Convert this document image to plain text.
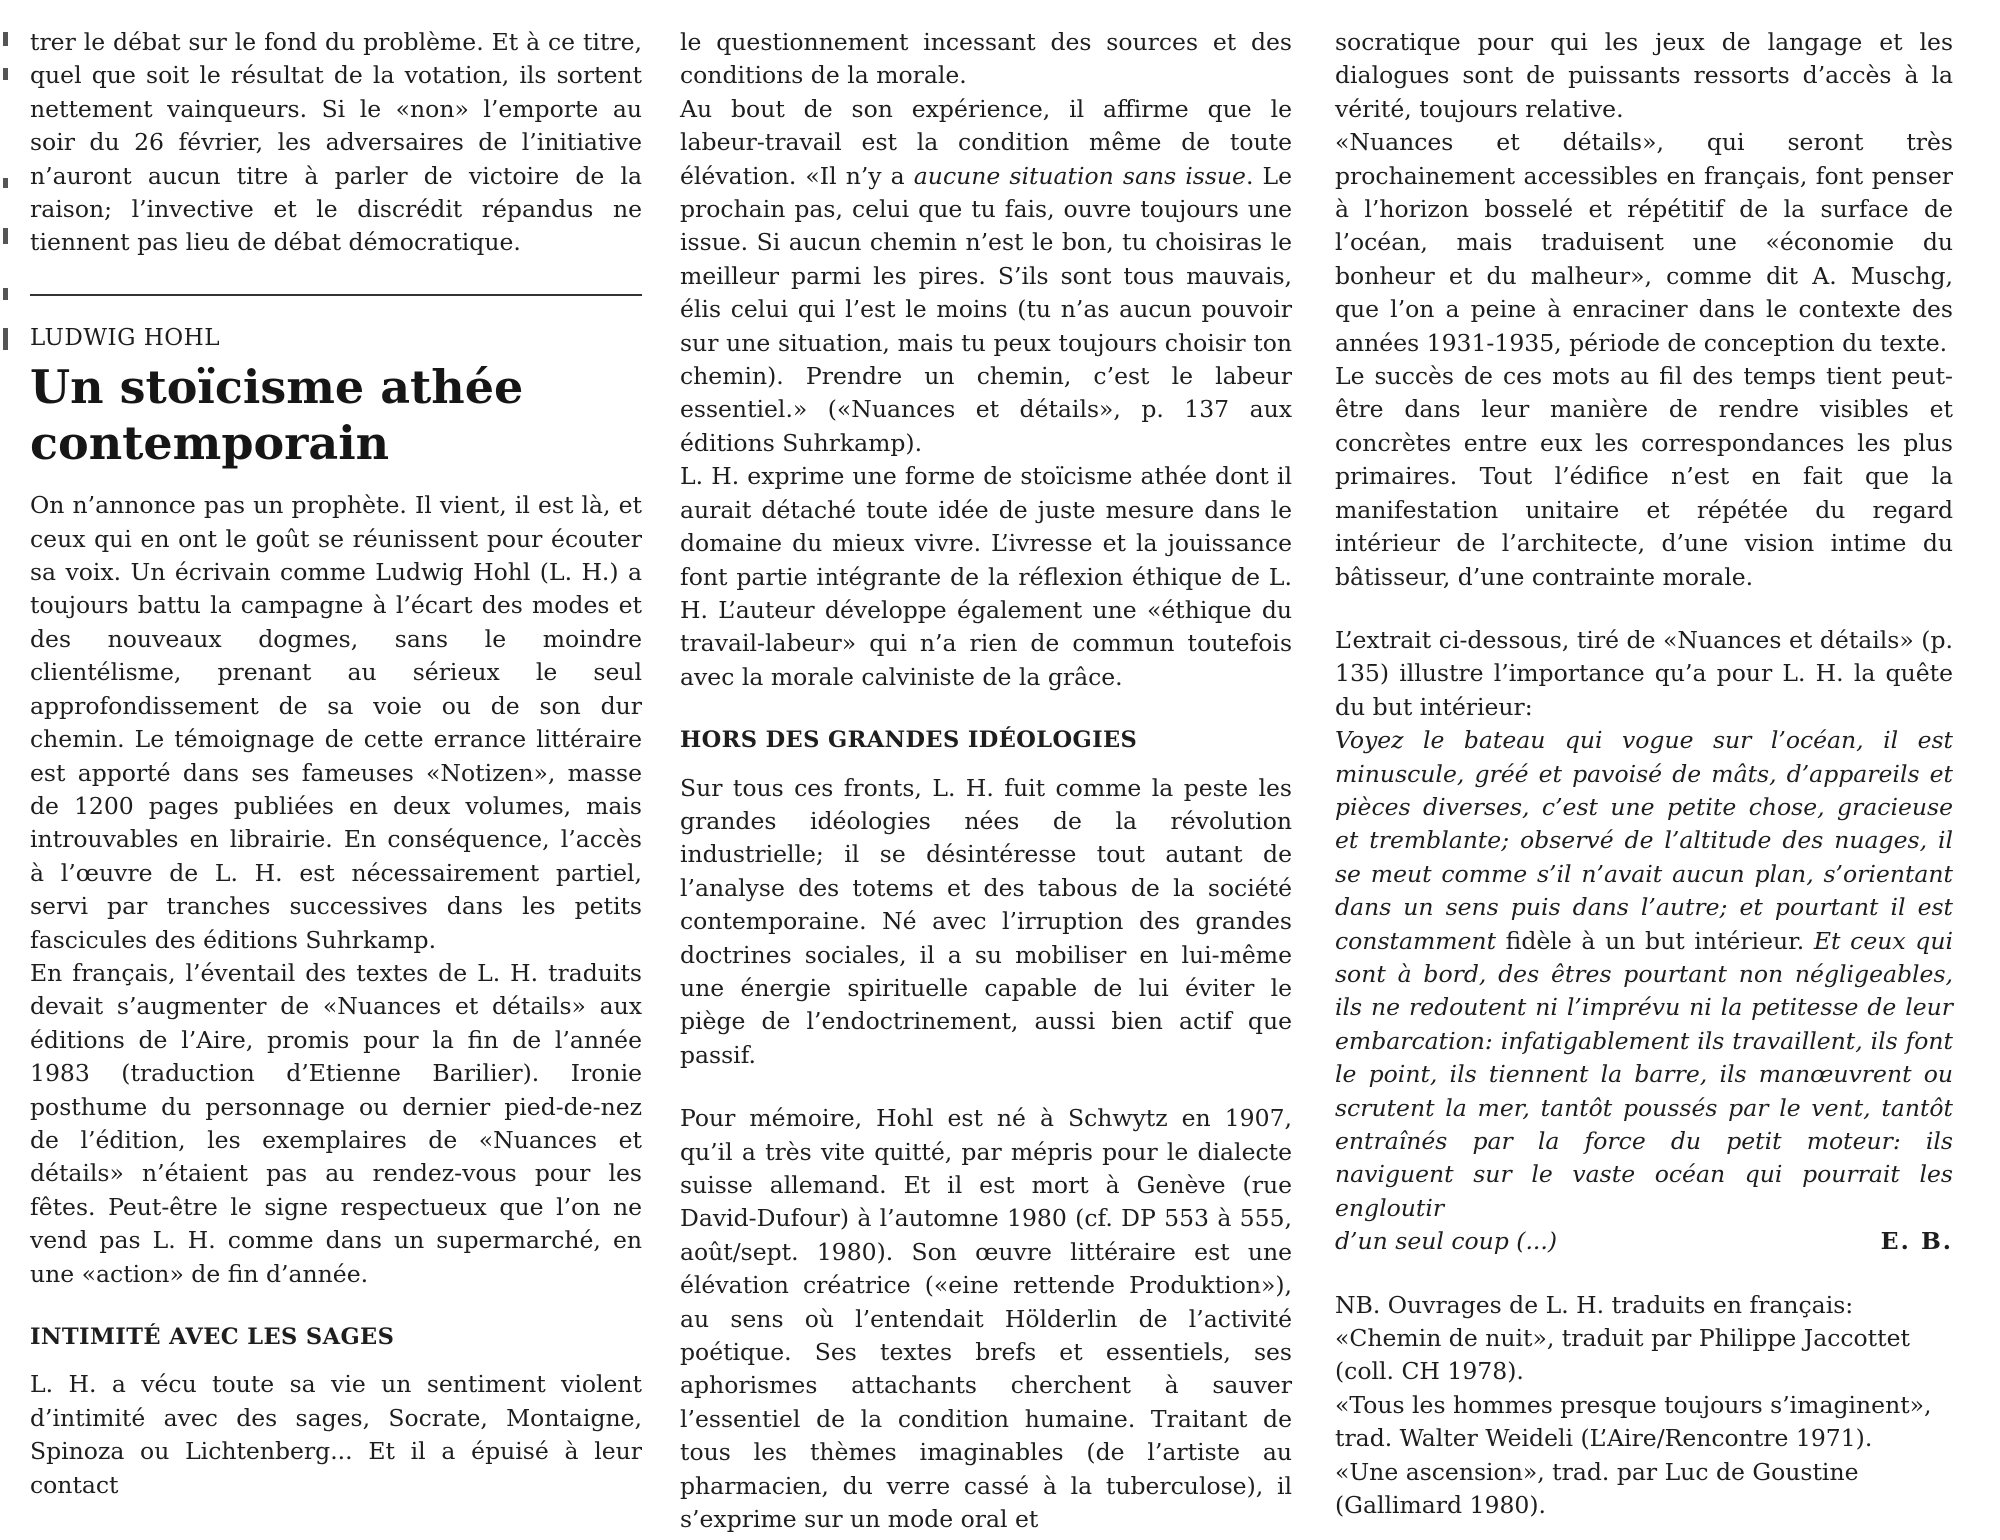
trer le débat sur le fond du problème. Et à ce titre, quel que soit le résultat de la votation, ils sortent nettement vainqueurs. Si le «non» l’emporte au soir du 26 février, les adversaires de l’initiative n’auront aucun titre à parler de victoire de la raison; l’invective et le discrédit répandus ne tiennent pas lieu de débat démocratique.

LUDWIG HOHL
Un stoïcisme athée contemporain

On n’annonce pas un prophète. Il vient, il est là, et ceux qui en ont le goût se réunissent pour écouter sa voix. Un écrivain comme Ludwig Hohl (L. H.) a toujours battu la campagne à l’écart des modes et des nouveaux dogmes, sans le moindre clientélisme, prenant au sérieux le seul approfondissement de sa voie ou de son dur chemin. Le témoignage de cette errance littéraire est apporté dans ses fameuses «Notizen», masse de 1200 pages publiées en deux volumes, mais introuvables en librairie. En conséquence, l’accès à l’œuvre de L. H. est nécessairement partiel, servi par tranches successives dans les petits fascicules des éditions Suhrkamp.

En français, l’éventail des textes de L. H. traduits devait s’augmenter de «Nuances et détails» aux éditions de l’Aire, promis pour la fin de l’année 1983 (traduction d’Etienne Barilier). Ironie posthume du personnage ou dernier pied-de-nez de l’édition, les exemplaires de «Nuances et détails» n’étaient pas au rendez-vous pour les fêtes. Peut-être le signe respectueux que l’on ne vend pas L. H. comme dans un supermarché, en une «action» de fin d’année.

INTIMITÉ AVEC LES SAGES

L. H. a vécu toute sa vie un sentiment violent d’intimité avec des sages, Socrate, Montaigne, Spinoza ou Lichtenberg... Et il a épuisé à leur contact

le questionnement incessant des sources et des conditions de la morale.

Au bout de son expérience, il affirme que le labeur-travail est la condition même de toute élévation. «Il n’y a aucune situation sans issue. Le prochain pas, celui que tu fais, ouvre toujours une issue. Si aucun chemin n’est le bon, tu choisiras le meilleur parmi les pires. S’ils sont tous mauvais, élis celui qui l’est le moins (tu n’as aucun pouvoir sur une situation, mais tu peux toujours choisir ton chemin). Prendre un chemin, c’est le labeur essentiel.» («Nuances et détails», p. 137 aux éditions Suhrkamp).

L. H. exprime une forme de stoïcisme athée dont il aurait détaché toute idée de juste mesure dans le domaine du mieux vivre. L’ivresse et la jouissance font partie intégrante de la réflexion éthique de L. H. L’auteur développe également une «éthique du travail-labeur» qui n’a rien de commun toutefois avec la morale calviniste de la grâce.

HORS DES GRANDES IDÉOLOGIES

Sur tous ces fronts, L. H. fuit comme la peste les grandes idéologies nées de la révolution industrielle; il se désintéresse tout autant de l’analyse des totems et des tabous de la société contemporaine. Né avec l’irruption des grandes doctrines sociales, il a su mobiliser en lui-même une énergie spirituelle capable de lui éviter le piège de l’endoctrinement, aussi bien actif que passif.

Pour mémoire, Hohl est né à Schwytz en 1907, qu’il a très vite quitté, par mépris pour le dialecte suisse allemand. Et il est mort à Genève (rue David-Dufour) à l’automne 1980 (cf. DP 553 à 555, août/sept. 1980). Son œuvre littéraire est une élévation créatrice («eine rettende Produktion»), au sens où l’entendait Hölderlin de l’activité poétique. Ses textes brefs et essentiels, ses aphorismes attachants cherchent à sauver l’essentiel de la condition humaine. Traitant de tous les thèmes imaginables (de l’artiste au pharmacien, du verre cassé à la tuberculose), il s’exprime sur un mode oral et

socratique pour qui les jeux de langage et les dialogues sont de puissants ressorts d’accès à la vérité, toujours relative.

«Nuances et détails», qui seront très prochainement accessibles en français, font penser à l’horizon bosselé et répétitif de la surface de l’océan, mais traduisent une «économie du bonheur et du malheur», comme dit A. Muschg, que l’on a peine à enraciner dans le contexte des années 1931-1935, période de conception du texte.

Le succès de ces mots au fil des temps tient peut-être dans leur manière de rendre visibles et concrètes entre eux les correspondances les plus primaires. Tout l’édifice n’est en fait que la manifestation unitaire et répétée du regard intérieur de l’architecte, d’une vision intime du bâtisseur, d’une contrainte morale.

L’extrait ci-dessous, tiré de «Nuances et détails» (p. 135) illustre l’importance qu’a pour L. H. la quête du but intérieur:

Voyez le bateau qui vogue sur l’océan, il est minuscule, gréé et pavoisé de mâts, d’appareils et pièces diverses, c’est une petite chose, gracieuse et tremblante; observé de l’altitude des nuages, il se meut comme s’il n’avait aucun plan, s’orientant dans un sens puis dans l’autre; et pourtant il est constamment fidèle à un but intérieur. Et ceux qui sont à bord, des êtres pourtant non négligeables, ils ne redoutent ni l’imprévu ni la petitesse de leur embarcation: infatigablement ils travaillent, ils font le point, ils tiennent la barre, ils manœuvrent ou scrutent la mer, tantôt poussés par le vent, tantôt entraînés par la force du petit moteur: ils naviguent sur le vaste océan qui pourrait les engloutir

d’un seul coup (...)	E. B.

NB. Ouvrages de L. H. traduits en français:

«Chemin de nuit», traduit par Philippe Jaccottet (coll. CH 1978).

«Tous les hommes presque toujours s’imaginent», trad. Walter Weideli (L’Aire/Rencontre 1971).

«Une ascension», trad. par Luc de Goustine (Gallimard 1980).
